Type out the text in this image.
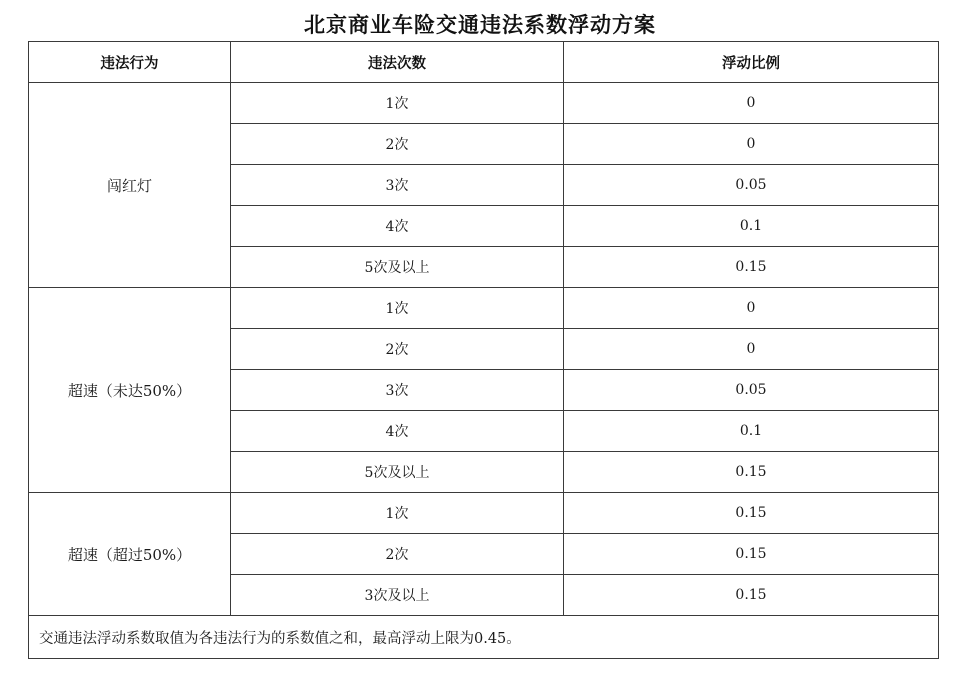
北京商业车险交通违法系数浮动方案
违法行为	违法次数	浮动比例
闯红灯	1次	0
	2次	0
	3次	0.05
	4次	0.1
	5次及以上	0.15
超速（未达50%）	1次	0
	2次	0
	3次	0.05
	4次	0.1
	5次及以上	0.15
超速（超过50%）	1次	0.15
	2次	0.15
	3次及以上	0.15
交通违法浮动系数取值为各违法行为的系数值之和，最高浮动上限为0.45。		
